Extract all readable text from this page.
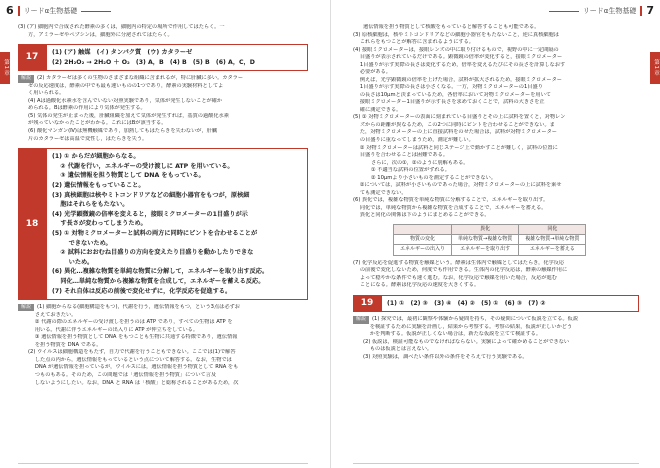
6 リードα生物基礎
第1章
(3) (ア) 細胞内で合成された酵素の多くは，細胞内の特定の場所で作用してはたらく。一
方，アミラーゼやペプシンは，細胞外に分泌されてはたらく。
17	(1) (ア) 触媒　(イ) タンパク質　(ウ) カタラーゼ
(2) 2H₂O₂ → 2H₂O ＋ O₂　(3) A，B　(4) B　(5) B　(6) A，C，D
解説 (2) カタラーゼは多くの生物のさまざまな組織に含まれるが，特に肝臓に多い。カタラー
ゼの反応速度は，酵素の中でも最も速いものの1つであり，酵素の実験材料としてよ
く用いられる。
(4) Aは過酸化水素水を含んでいない対照実験であり，気体が発生しないことが確か
められる。Bは酵素の作用により気体が発生する。
(5) 気体の発生が止まった後，肝臓組織を加えて気体が発生すれば，基質の過酸化水素
が残っていなかったことがわかる。これにはBが該当する。
(6) 酸化マンガン(Ⅳ)は無機触媒であり，加熱してもはたらきを失わないが，肝臓
片のカタラーゼは高温で変性し，はたらきを失う。
18
(1) ① からだが細胞からなる。
　 ② 代謝を行い，エネルギーの受け渡しに ATP を用いている。
　 ③ 遺伝情報を担う物質として DNA をもっている。
(2) 遺伝情報をもっていること。
(3) 真核細胞は核やミトコンドリアなどの細胞小器官をもつが，原核細
　 胞はそれらをもたない。
(4) 光学顕微鏡の倍率を変えると，接眼ミクロメーターの1目盛りが示
　 す長さが変わってしまうため。
(5) ① 対物ミクロメーターと試料の両方に同時にピントを合わせることが
　 　 できないため。
　 ② 試料におおむね目盛りの方向を変えたり目盛りを動かしたりできな
　 　 いため。
(6) 異化…複雑な物質を単純な物質に分解して，エネルギーを取り出す反応。
　 同化…単純な物質から複雑な物質を合成して，エネルギーを蓄える反応。
(7) それ自体は反応の前後で変化せずに，化学反応を促進する。
解説 (1) 細胞からなる(細胞構造をもつ)，代謝を行う，遺伝情報をもつ，という3点は必ずお
　 さえておきたい。
　 ② 代謝の際のエネルギーの受け渡しを担うのは ATP であり，すべての生物は ATP を
　 用いる。代謝に伴うエネルギーの出入りに ATP が仲立ちをしている。
　 ③ 遺伝情報を担う物質として DNA をもつことも生物に共通する特徴であり，遺伝情報
　 を担う物質を DNA である。
(2) ウイルスは細胞構造をもたず，自力で代謝を行うこともできない。ここでは(1)で解答
　 した点の内から，遺伝情報をもっているという点について解答する。なお，生物では
　 DNA が遺伝情報を担っているが，ウイルスには，遺伝情報を担う物質として RNA をも
　 つものもある。そのため，この問題では「遺伝情報を担う物質」について言及
　 しないようにしたい。なお，DNA と RNA は「核酸」と総称されることがあるため，次
リードα生物基礎 7
第1章
遺伝情報を担う物質として核酸をもっていると解答することも可能である。
(3) 原核細胞は，核やミトコンドリアなどの細胞小器官をもたないこと，逆に真核細胞は
　 これらをもつことが解答に含まれるようにする。
(4) 接眼ミクロメーターは，接眼レンズの中に取り付けるもので，視野の中に一定間隔の
　 目盛りが表示されているだけである。顕微鏡の倍率が変化すると，接眼ミクロメーター
　 1目盛りが示す実際の長さは変化するため，倍率を変えるたびにその長さを計算しなおす
　 必要がある。
　 例えば，光学顕微鏡の倍率を上げた場合，試料が拡大されるため，接眼ミクロメーター
　 1目盛りが示す実際の長さは小さくなる。一方，対物ミクロメーターの1目盛り
　 の長さは10μmと決まっているため，各倍率において対物ミクロメーターを用いて
　 接眼ミクロメーター1目盛りが示す長さを求めておくことで，試料の大きさを正
　 確に測定できる。
(5) ① 対物ミクロメーターの表面に刻まれている目盛りとその上に試料を置くと，対物レン
　 ズからの距離が異なるため，この2つに同時にピントを合わせることができない。ま
　 た，対物ミクロメーターの上に直接試料をのせた場合は，試料が対物ミクロメーター
　 の目盛りに重なってしまうため，測定が難しい。
　 ② 対物ミクロメーターは試料と同じステージ上で動かすことが難しく，試料の位置に
　 目盛りを合わせることは困難である。
さらに，次の①，②のように別解もある。
① 不適当な試料の位置がずれる。
② 10μmより小さいものを測定することができない。
　 ②については，試料が小さいものであった場合，対物ミクロメーターの上に試料を乗せ
　 ても測定できない。
(6) 異化では，複雑な物質を単純な物質に分解することで，エネルギーを取り出す。
　 同化では，単純な物質から複雑な物質を合成することで，エネルギーを蓄える。
　 異化と同化の関係は下のようにまとめることができる。
	異化	同化
物質の変化	単純な物質→複雑な物質	複雑な物質→単純な物質
エネルギーの出入り	エネルギーを取り出す	エネルギーを蓄える
(7) 化学反応を促進する物質を触媒という。酵素は生体内で触媒としてはたらき，化学反応
　 の前後で変化しないため，何度でも作用できる。生体内の化学反応は，酵素の触媒作用に
　 よって穏やかな条件でも速く進む。なお，化学反応で触媒を用いた場合，反応が進む
　 ことになる。酵素は化学反応の速度を大きくする。
19	(1) ①　(2) ③　(3) ④　(4) ②　(5) ①　(6) ③　(7) ②
解説 (1) 探究では，最初に観察や体験から疑問を持ち，その疑問について仮説を立てる。仮説
　 を検証するために実験を計画し，結果から考察する。考察の結果，仮説が正しいかどう
　 かを判断する。仮説が正しくない場合は，新たな仮説を立てて検証する。
(2) 仮説は，検証可能なものでなければならない。実験によって確かめることができない
　 ものは仮説とは言えない。
(3) 対照実験は，調べたい条件以外の条件をそろえて行う実験である。
